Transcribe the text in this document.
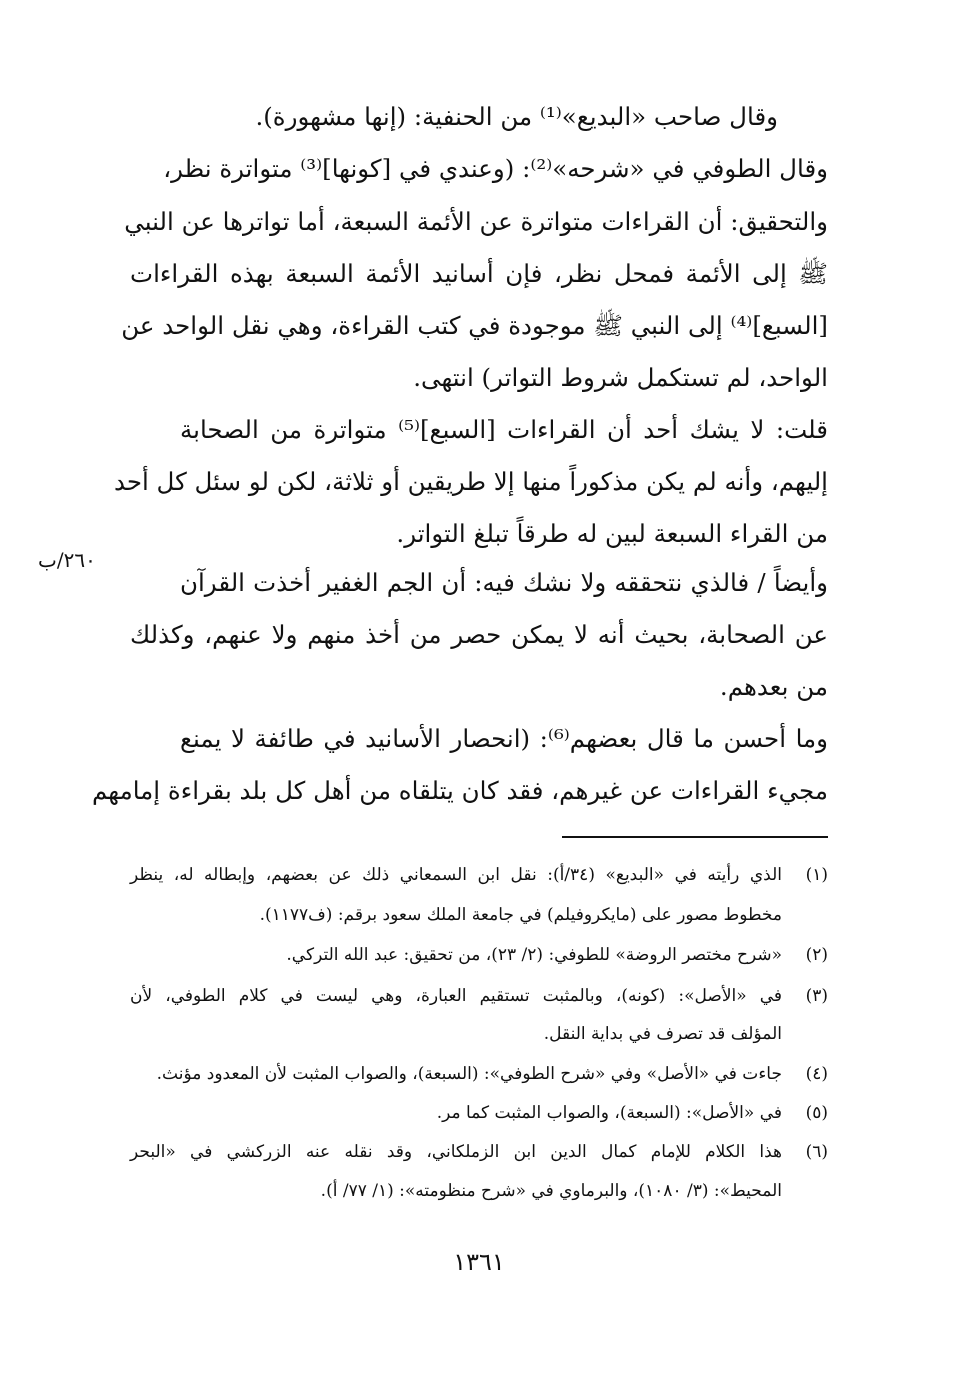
وقال صاحب «البديع»⁽¹⁾ من الحنفية: (إنها مشهورة).
وقال الطوفي في «شرحه»⁽²⁾: (وعندي في [كونها]⁽³⁾ متواترة نظر،
والتحقيق: أن القراءات متواترة عن الأئمة السبعة، أما تواترها عن النبي
ﷺ إلى الأئمة فمحل نظر، فإن أسانيد الأئمة السبعة بهذه القراءات
[السبع]⁽⁴⁾ إلى النبي ﷺ موجودة في كتب القراءة، وهي نقل الواحد عن
الواحد، لم تستكمل شروط التواتر) انتهى.
قلت: لا يشك أحد أن القراءات [السبع]⁽⁵⁾ متواترة من الصحابة
إليهم، وأنه لم يكن مذكوراً منها إلا طريقين أو ثلاثة، لكن لو سئل كل أحد
من القراء السبعة لبين له طرقاً تبلغ التواتر.
وأيضاً / فالذي نتحققه ولا نشك فيه: أن الجم الغفير أخذت القرآن
عن الصحابة، بحيث أنه لا يمكن حصر من أخذ منهم ولا عنهم، وكذلك
من بعدهم.
وما أحسن ما قال بعضهم⁽⁶⁾: (انحصار الأسانيد في طائفة لا يمنع
مجيء القراءات عن غيرهم، فقد كان يتلقاه من أهل كل بلد بقراءة إمامهم
٢٦٠/ب
(١)
الذي رأيته في «البديع» (٣٤/أ): نقل ابن السمعاني ذلك عن بعضهم، وإبطاله له، ينظر
مخطوط مصور على (مايكروفيلم) في جامعة الملك سعود برقم: (ف١١٧٧).
(٢)
«شرح مختصر الروضة» للطوفي: (٢/ ٢٣)، من تحقيق: عبد الله التركي.
(٣)
في «الأصل»: (كونه)، وبالمثبت تستقيم العبارة، وهي ليست في كلام الطوفي، لأن
المؤلف قد تصرف في بداية النقل.
(٤)
جاءت في «الأصل» وفي «شرح الطوفي»: (السبعة)، والصواب المثبت لأن المعدود مؤنث.
(٥)
في «الأصل»: (السبعة)، والصواب المثبت كما مر.
(٦)
هذا الكلام للإمام كمال الدين ابن الزملكاني، وقد نقله عنه الزركشي في «البحر
المحيط»: (٣/ ١٠٨٠)، والبرماوي في «شرح منظومته»: (١/ ٧٧/ أ).
١٣٦١
